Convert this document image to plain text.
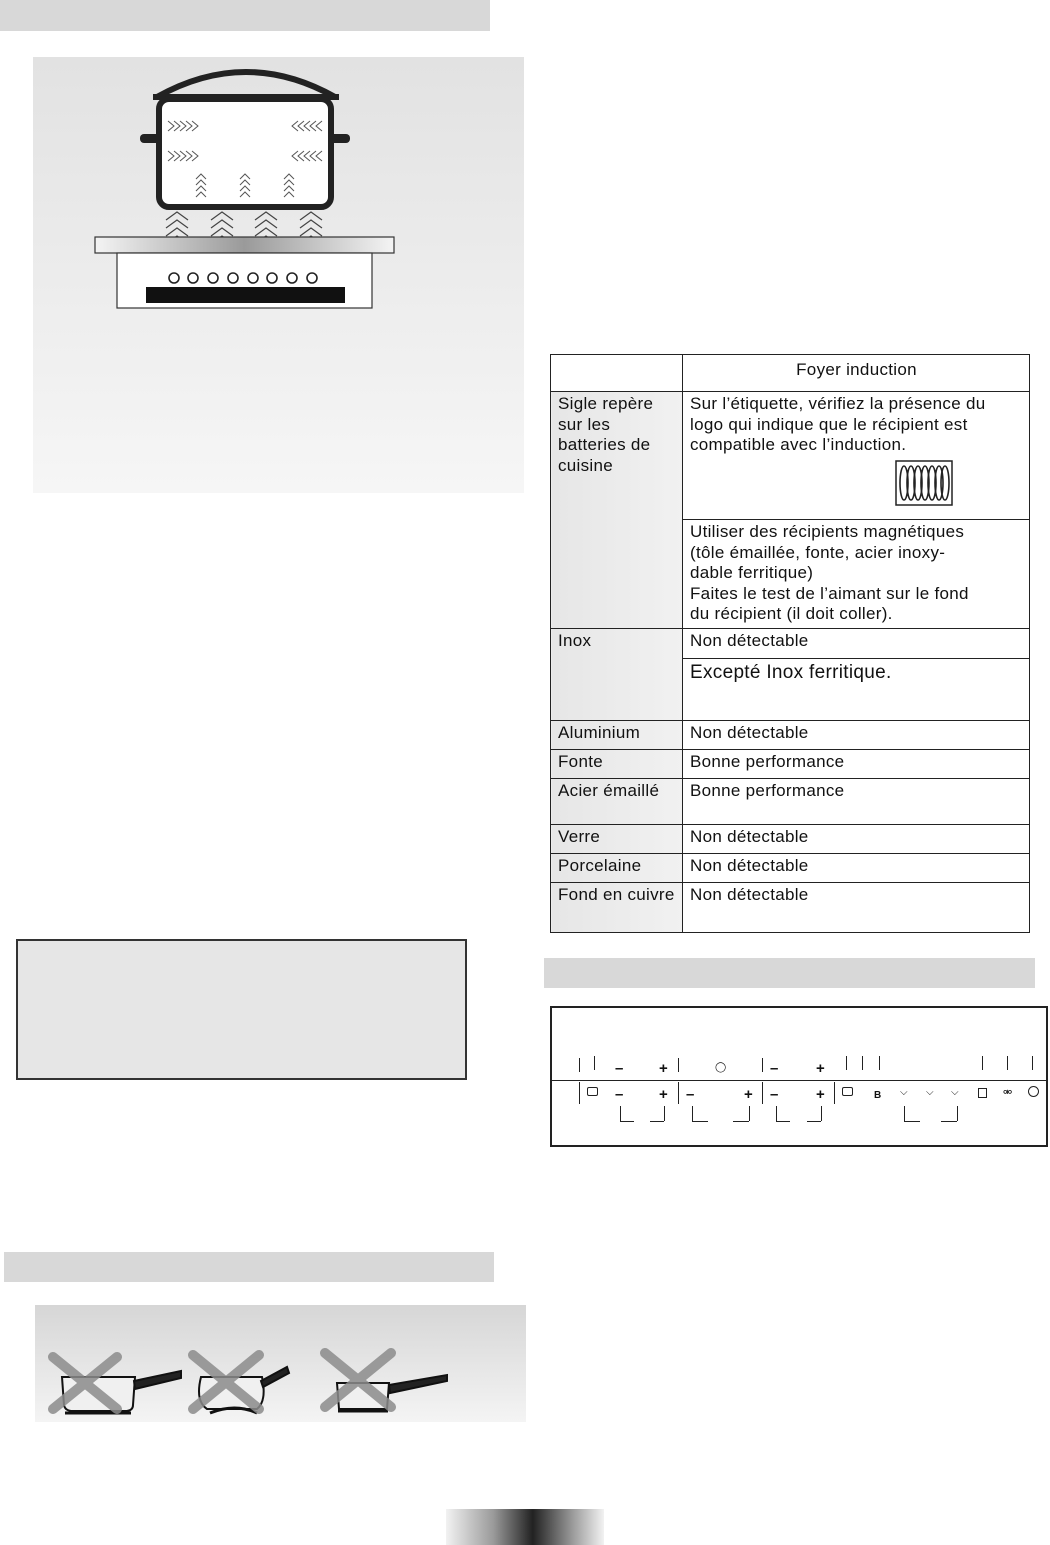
	Foyer induction
Sigle repère sur les batteries de cuisine	Sur l’étiquette, vérifiez la présence du logo qui indique que le récipient est compatible avec l’induction.

	Utiliser des récipients magnétiques
(tôle émaillée, fonte, acier inoxy-
dable ferritique)
Faites le test de l’aimant sur le fond
du récipient (il doit coller).

Inox	Non détectable
	Excepté Inox ferritique.
Aluminium	Non détectable
Fonte	Bonne performance
Acier émaillé	Bonne performance
Verre	Non détectable
Porcelaine	Non détectable
Fond en cuivre	Non détectable
– +	◯	–	+
– + –	+ –	+	B ⌵ ⌵ ⌵	⚮
